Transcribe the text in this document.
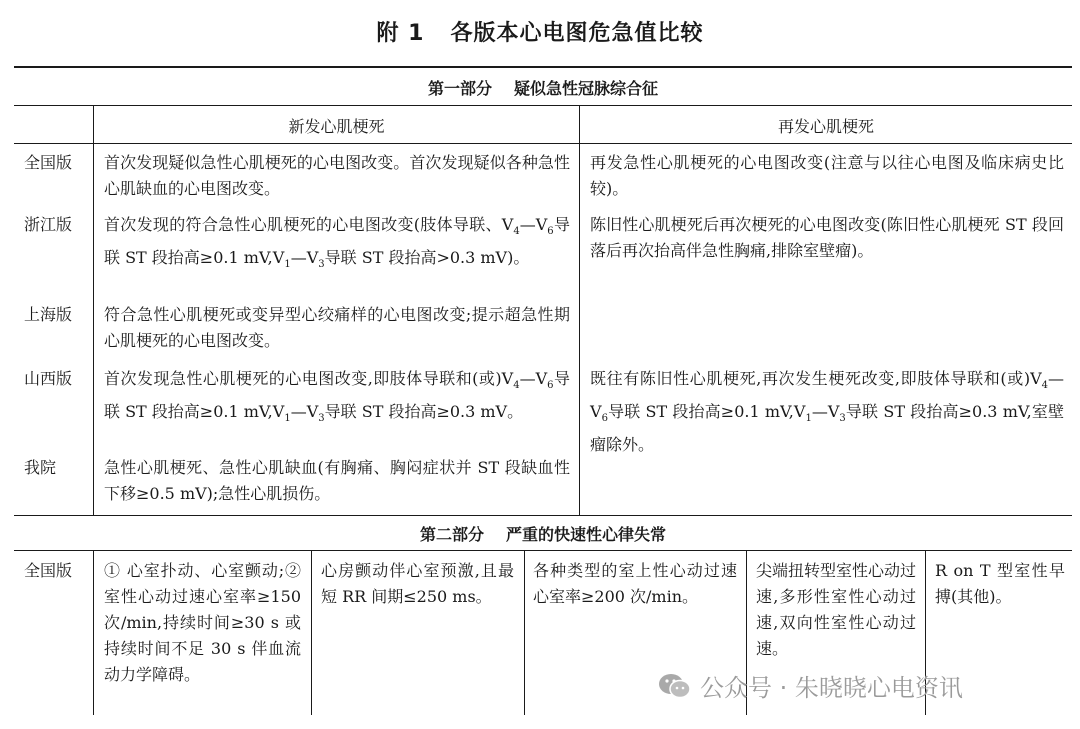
附 1 各版本心电图危急值比较
第一部分 疑似急性冠脉综合征
新发心肌梗死	再发心肌梗死
全国版 首次发现疑似急性心肌梗死的心电图改变。首次发现疑似各种急性心肌缺血的心电图改变。
再发急性心肌梗死的心电图改变(注意与以往心电图及临床病史比较)。
浙江版 首次发现的符合急性心肌梗死的心电图改变(肢体导联、$V_4—V_6$导联 ST 段抬高≥0.1 $mV,V_1—V_3$导联 ST 段抬高>0.3 mV)。
陈旧性心肌梗死后再次梗死的心电图改变(陈旧性心肌梗死 ST 段回落后再次抬高伴急性胸痛,排除室壁瘤)。
上海版 符合急性心肌梗死或变异型心绞痛样的心电图改变;提示超急性期心肌梗死的心电图改变。
山西版 首次发现急性心肌梗死的心电图改变,即肢体导联和(或)$V_4—V_6$导联 ST 段抬高≥0.1 $mV,V_1—V_3$导联 ST 段抬高≥0.3 mV。
既往有陈旧性心肌梗死,再次发生梗死改变,即肢体导联和(或)$V_4—V_6$导联 ST 段抬高≥0.1 $mV,V_1—V_3$导联 ST 段抬高≥0.3 mV,室壁瘤除外。
我院	急性心肌梗死、急性心肌缺血(有胸痛、胸闷症状并 ST 段缺血性下移≥0.5 mV);急性心肌损伤。
第二部分 严重的快速性心律失常
全国版 ① 心室扑动、心室颤动;② 室性心动过速心室率≥150 次/min,持续时间≥30 s 或持续时间不足 30 s 伴血流动力学障碍。
心房颤动伴心室预激,且最短 RR 间期≤250 ms。
各种类型的室上性心动过速心室率≥200 次/min。
尖端扭转型室性心动过速,多形性室性心动过速,双向性室性心动过速。
R on T 型室性早搏(其他)。
公众号 · 朱晓晓心电资讯
